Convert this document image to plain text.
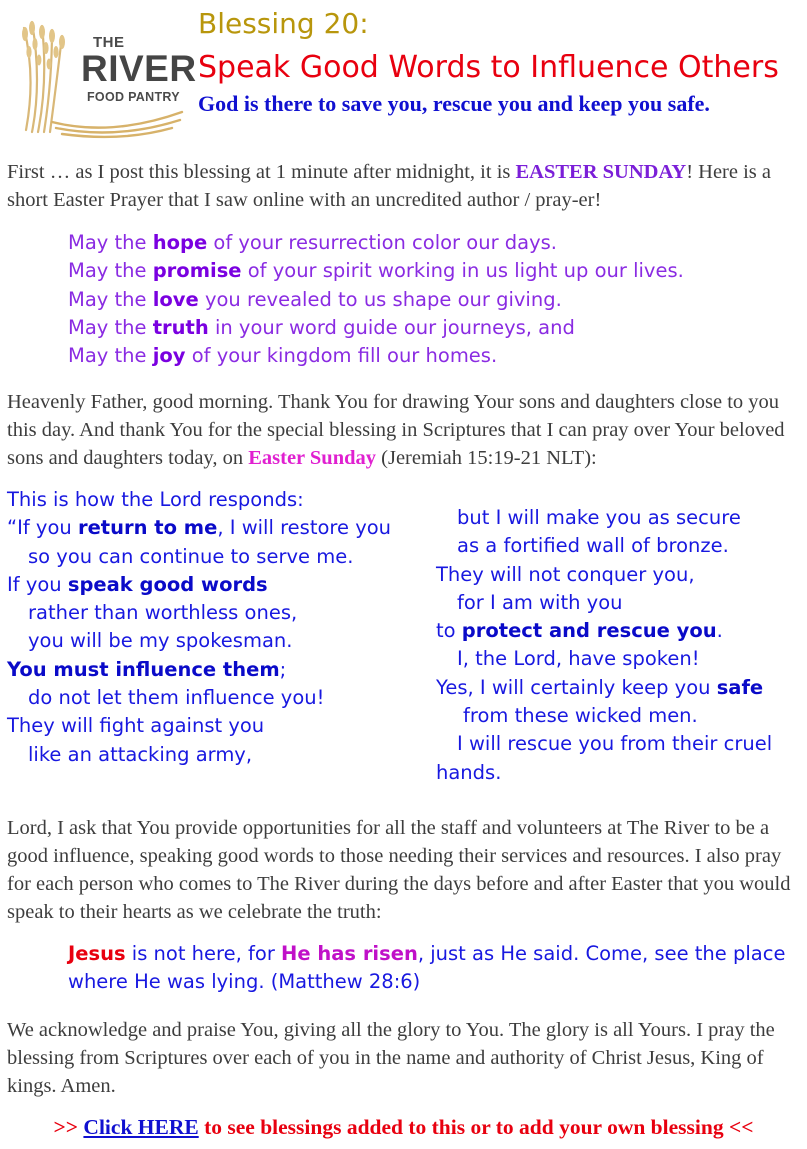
THE
RIVER
FOOD PANTRY
Blessing 20:
Speak Good Words to Influence Others
God is there to save you, rescue you and keep you safe.

First … as I post this blessing at 1 minute after midnight, it is EASTER SUNDAY! Here is a short Easter Prayer that I saw online with an uncredited author / pray-er!

May the hope of your resurrection color our days.
May the promise of your spirit working in us light up our lives.
May the love you revealed to us shape our giving.
May the truth in your word guide our journeys, and
May the joy of your kingdom fill our homes.

Heavenly Father, good morning. Thank You for drawing Your sons and daughters close to you this day. And thank You for the special blessing in Scriptures that I can pray over Your beloved sons and daughters today, on Easter Sunday (Jeremiah 15:19-21 NLT):

This is how the Lord responds:
“If you return to me, I will restore you
so you can continue to serve me.
If you speak good words
rather than worthless ones,
you will be my spokesman.
You must influence them;
do not let them influence you!
They will fight against you
like an attacking army,
but I will make you as secure
as a fortified wall of bronze.
They will not conquer you,
for I am with you
to protect and rescue you.
I, the Lord, have spoken!
Yes, I will certainly keep you safe
from these wicked men.
I will rescue you from their cruel
hands.

Lord, I ask that You provide opportunities for all the staff and volunteers at The River to be a good influence, speaking good words to those needing their services and resources. I also pray for each person who comes to The River during the days before and after Easter that you would speak to their hearts as we celebrate the truth:

Jesus is not here, for He has risen, just as He said. Come, see the place where He was lying. (Matthew 28:6)

We acknowledge and praise You, giving all the glory to You. The glory is all Yours. I pray the blessing from Scriptures over each of you in the name and authority of Christ Jesus, King of kings. Amen.

>> Click HERE to see blessings added to this or to add your own blessing <<
